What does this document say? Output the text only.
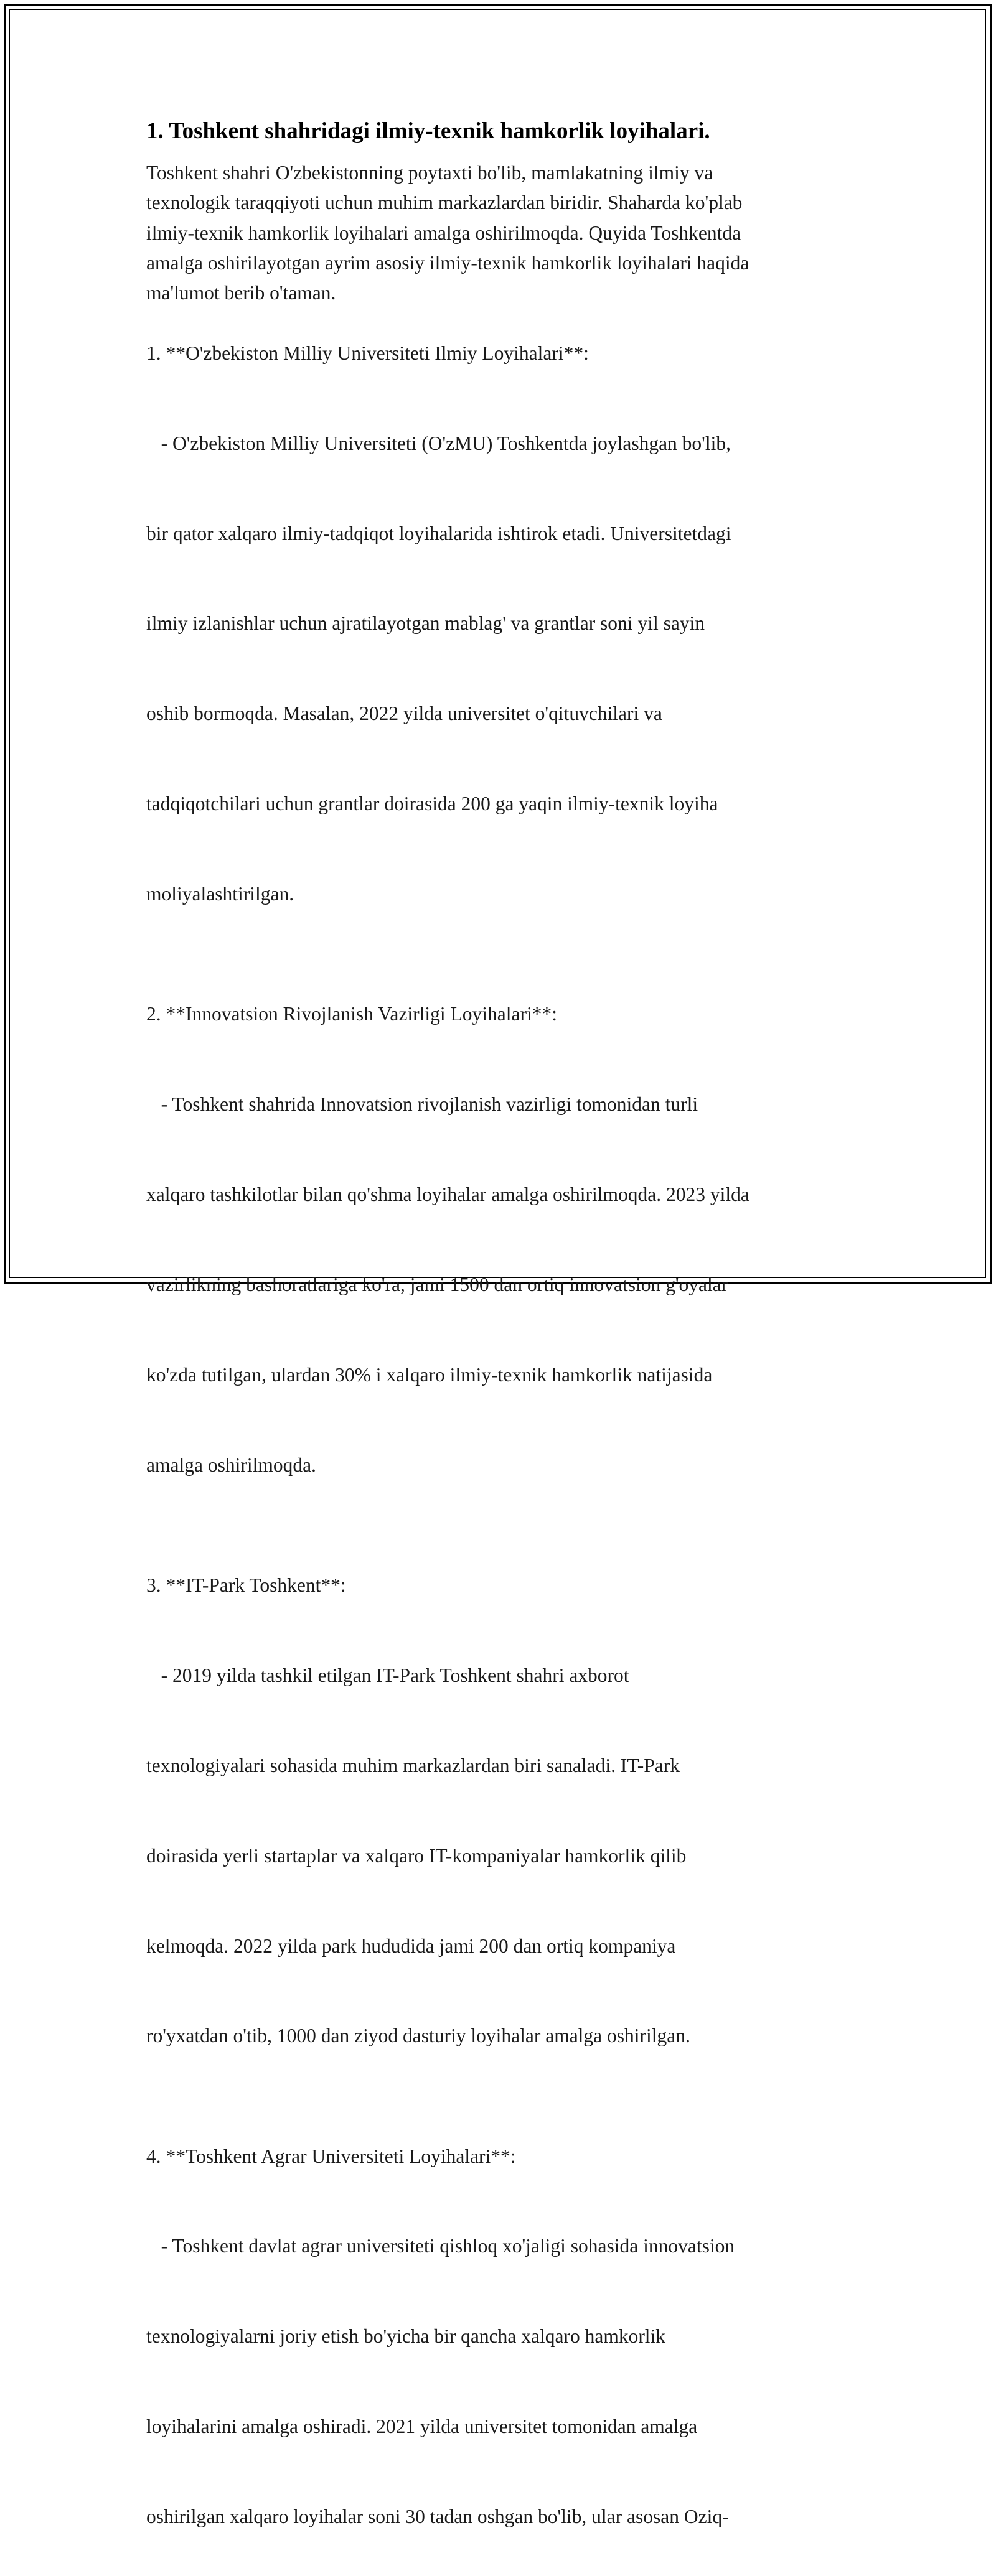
1. Toshkent shahridagi ilmiy-texnik hamkorlik loyihalari.
Toshkent shahri O'zbekistonning poytaxti bo'lib, mamlakatning ilmiy va
texnologik taraqqiyoti uchun muhim markazlardan biridir. Shaharda ko'plab
ilmiy-texnik hamkorlik loyihalari amalga oshirilmoqda. Quyida Toshkentda
amalga oshirilayotgan ayrim asosiy ilmiy-texnik hamkorlik loyihalari haqida
ma'lumot berib o'taman.
1. **O'zbekiston Milliy Universiteti Ilmiy Loyihalari**:

- O'zbekiston Milliy Universiteti (O'zMU) Toshkentda joylashgan bo'lib,

bir qator xalqaro ilmiy-tadqiqot loyihalarida ishtirok etadi. Universitetdagi

ilmiy izlanishlar uchun ajratilayotgan mablag' va grantlar soni yil sayin

oshib bormoqda. Masalan, 2022 yilda universitet o'qituvchilari va

tadqiqotchilari uchun grantlar doirasida 200 ga yaqin ilmiy-texnik loyiha

moliyalashtirilgan.

2. **Innovatsion Rivojlanish Vazirligi Loyihalari**:

- Toshkent shahrida Innovatsion rivojlanish vazirligi tomonidan turli

xalqaro tashkilotlar bilan qo'shma loyihalar amalga oshirilmoqda. 2023 yilda

vazirlikning bashoratlariga ko'ra, jami 1500 dan ortiq innovatsion g'oyalar

ko'zda tutilgan, ulardan 30% i xalqaro ilmiy-texnik hamkorlik natijasida

amalga oshirilmoqda.

3. **IT-Park Toshkent**:

- 2019 yilda tashkil etilgan IT-Park Toshkent shahri axborot

texnologiyalari sohasida muhim markazlardan biri sanaladi. IT-Park

doirasida yerli startaplar va xalqaro IT-kompaniyalar hamkorlik qilib

kelmoqda. 2022 yilda park hududida jami 200 dan ortiq kompaniya

ro'yxatdan o'tib, 1000 dan ziyod dasturiy loyihalar amalga oshirilgan.

4. **Toshkent Agrar Universiteti Loyihalari**:

- Toshkent davlat agrar universiteti qishloq xo'jaligi sohasida innovatsion

texnologiyalarni joriy etish bo'yicha bir qancha xalqaro hamkorlik

loyihalarini amalga oshiradi. 2021 yilda universitet tomonidan amalga

oshirilgan xalqaro loyihalar soni 30 tadan oshgan bo'lib, ular asosan Oziq-
